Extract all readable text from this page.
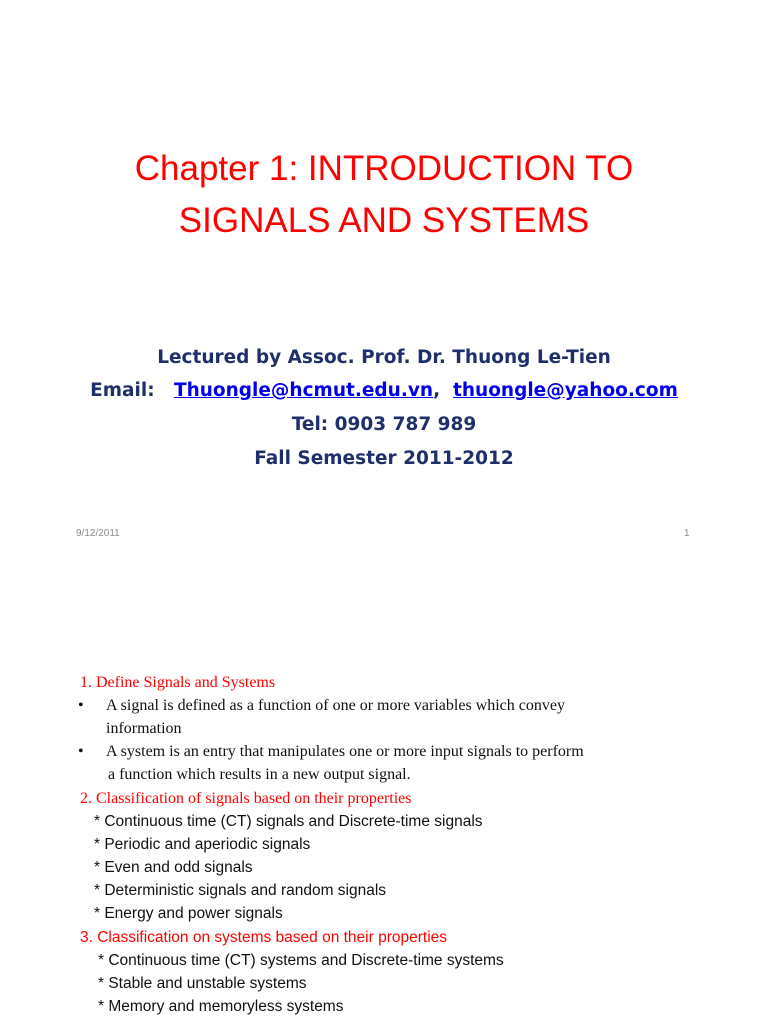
Chapter 1: INTRODUCTION TO
SIGNALS AND SYSTEMS
Lectured by Assoc. Prof. Dr. Thuong Le-Tien
Email: Thuongle@hcmut.edu.vn, thuongle@yahoo.com
Tel: 0903 787 989
Fall Semester 2011-2012
9/12/2011	1
1. Define Signals and Systems
• A signal is defined as a function of one or more variables which convey
information
• A system is an entry that manipulates one or more input signals to perform
a function which results in a new output signal.
2. Classification of signals based on their properties
* Continuous time (CT) signals and Discrete-time signals
* Periodic and aperiodic signals
* Even and odd signals
* Deterministic signals and random signals
* Energy and power signals
3. Classification on systems based on their properties
* Continuous time (CT) systems and Discrete-time systems
* Stable and unstable systems
* Memory and memoryless systems
